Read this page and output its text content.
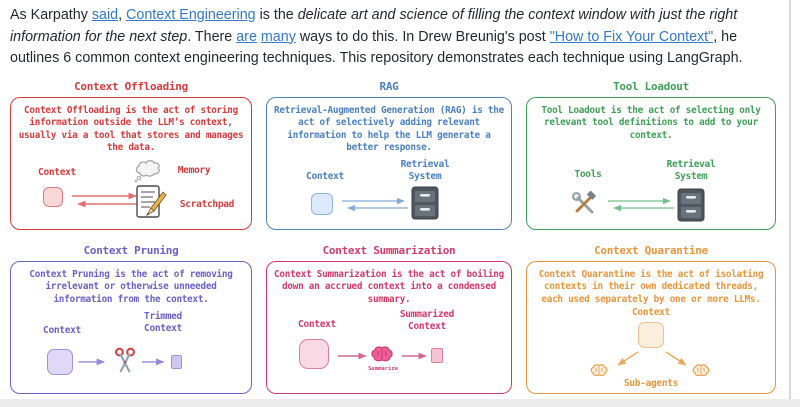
As Karpathy said, Context Engineering is the delicate art and science of filling the context window with just the right information for the next step. There are many ways to do this. In Drew Breunig's post "How to Fix Your Context", he outlines 6 common context engineering techniques. This repository demonstrates each technique using LangGraph.

Context Offloading
Context Offloading is the act of storing information outside the LLM’s context, usually via a tool that stores and manages the data.
Context	Memory
Scratchpad
RAG
Retrieval-Augmented Generation (RAG) is the act of selectively adding relevant information to help the LLM generate a better response.
Retrieval System
Context
Tool Loadout
Tool Loadout is the act of selecting only relevant tool definitions to add to your context.
Retrieval System
Tools
Context Pruning
Context Pruning is the act of removing irrelevant or otherwise unneeded information from the context.
Context
Trimmed Context
Context Summarization
Context Summarization is the act of boiling down an accrued context into a condensed summary.
Context
Summarized Context
Summarize
Context Quarantine
Context Quarantine is the act of isolating contexts in their own dedicated threads, each used separately by one or more LLMs.
Context
Sub-agents
